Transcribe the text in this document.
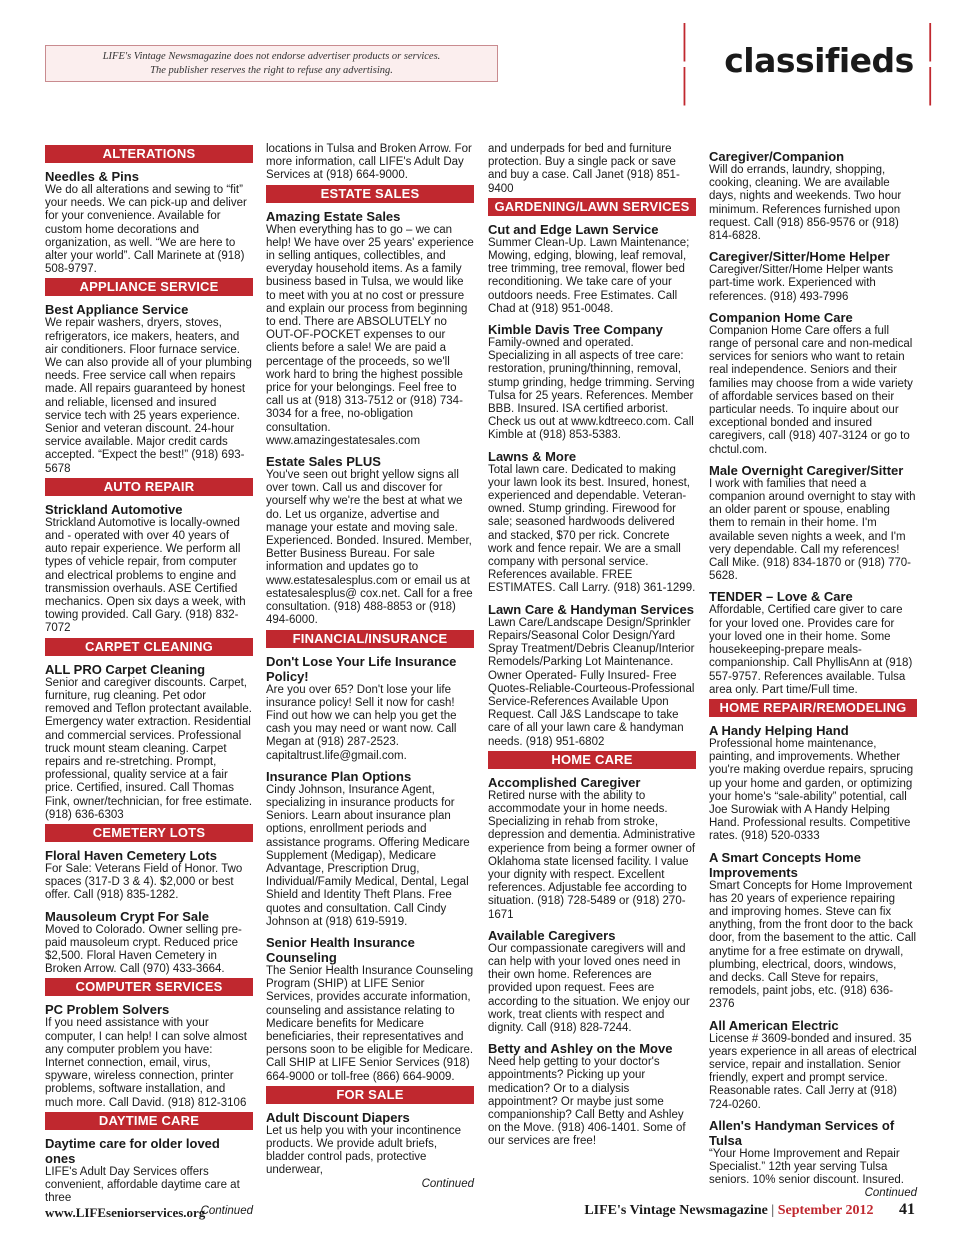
LIFE's Vintage Newsmagazine does not endorse advertiser products or services.
The publisher reserves the right to refuse any advertising.
| | classifieds | |
ALTERATIONS
Needles & Pins
We do all alterations and sewing to “fit” your needs. We can pick-up and deliver for your convenience. Available for custom home decorations and organization, as well. “We are here to alter your world”. Call Marinete at (918) 508-9797.
APPLIANCE SERVICE
Best Appliance Service
We repair washers, dryers, stoves, refrigerators, ice makers, heaters, and air conditioners. Floor furnace service. We can also provide all of your plumbing needs. Free service call when repairs made. All repairs guaranteed by honest and reliable, licensed and insured service tech with 25 years experience. Senior and veteran discount. 24-hour service available. Major credit cards accepted. “Expect the best!” (918) 693-5678
AUTO REPAIR
Strickland Automotive
Strickland Automotive is locally-owned and - operated with over 40 years of auto repair experience. We perform all types of vehicle repair, from computer and electrical problems to engine and transmission overhauls. ASE Certified mechanics. Open six days a week, with towing provided. Call Gary. (918) 832-7072
CARPET CLEANING
ALL PRO Carpet Cleaning
Senior and caregiver discounts. Carpet, furniture, rug cleaning. Pet odor removed and Teflon protectant available. Emergency water extraction. Residential and commercial services. Professional truck mount steam cleaning. Carpet repairs and re-stretching. Prompt, professional, quality service at a fair price. Certified, insured. Call Thomas Fink, owner/technician, for free estimate. (918) 636-6303
CEMETERY LOTS
Floral Haven Cemetery Lots
For Sale: Veterans Field of Honor. Two spaces (317-D 3 & 4). $2,000 or best offer. Call (918) 835-1282.
Mausoleum Crypt For Sale
Moved to Colorado. Owner selling pre-paid mausoleum crypt. Reduced price $2,500. Floral Haven Cemetery in Broken Arrow. Call (970) 433-3664.
COMPUTER SERVICES
PC Problem Solvers
If you need assistance with your computer, I can help! I can solve almost any computer problem you have: Internet connection, email, virus, spyware, wireless connection, printer problems, software installation, and much more. Call David. (918) 812-3106
DAYTIME CARE
Daytime care for older loved ones
LIFE's Adult Day Services offers convenient, affordable daytime care at three
Continued
locations in Tulsa and Broken Arrow. For more information, call LIFE's Adult Day Services at (918) 664-9000.
ESTATE SALES
Amazing Estate Sales
When everything has to go – we can help! We have over 25 years' experience in selling antiques, collectibles, and everyday household items. As a family business based in Tulsa, we would like to meet with you at no cost or pressure and explain our process from beginning to end. There are ABSOLUTELY no OUT-OF-POCKET expenses to our clients before a sale! We are paid a percentage of the proceeds, so we'll work hard to bring the highest possible price for your belongings. Feel free to call us at (918) 313-7512 or (918) 734-3034 for a free, no-obligation consultation. www.amazingestatesales.com
Estate Sales PLUS
You've seen out bright yellow signs all over town. Call us and discover for yourself why we're the best at what we do. Let us organize, advertise and manage your estate and moving sale. Experienced. Bonded. Insured. Member, Better Business Bureau. For sale information and updates go to www.estatesalesplus.com or email us at estatesalesplus@ cox.net. Call for a free consultation. (918) 488-8853 or (918) 494-6000.
FINANCIAL/INSURANCE
Don't Lose Your Life Insurance Policy!
Are you over 65? Don't lose your life insurance policy! Sell it now for cash! Find out how we can help you get the cash you may need or want now. Call Megan at (918) 287-2523. capitaltrust.life@gmail.com.
Insurance Plan Options
Cindy Johnson, Insurance Agent, specializing in insurance products for Seniors. Learn about insurance plan options, enrollment periods and assistance programs. Offering Medicare Supplement (Medigap), Medicare Advantage, Prescription Drug, Individual/Family Medical, Dental, Legal Shield and Identity Theft Plans. Free quotes and consultation. Call Cindy Johnson at (918) 619-5919.
Senior Health Insurance Counseling
The Senior Health Insurance Counseling Program (SHIP) at LIFE Senior Services, provides accurate information, counseling and assistance relating to Medicare benefits for Medicare beneficiaries, their representatives and persons soon to be eligible for Medicare. Call SHIP at LIFE Senior Services (918) 664-9000 or toll-free (866) 664-9009.
FOR SALE
Adult Discount Diapers
Let us help you with your incontinence products. We provide adult briefs, bladder control pads, protective underwear,
Continued
and underpads for bed and furniture protection. Buy a single pack or save and buy a case. Call Janet (918) 851-9400
GARDENING/LAWN SERVICES
Cut and Edge Lawn Service
Summer Clean-Up. Lawn Maintenance; Mowing, edging, blowing, leaf removal, tree trimming, tree removal, flower bed reconditioning. We take care of your outdoors needs. Free Estimates. Call Chad at (918) 951-0048.
Kimble Davis Tree Company
Family-owned and operated. Specializing in all aspects of tree care: restoration, pruning/thinning, removal, stump grinding, hedge trimming. Serving Tulsa for 25 years. References. Member BBB. Insured. ISA certified arborist. Check us out at www.kdtreeco.com. Call Kimble at (918) 853-5383.
Lawns & More
Total lawn care. Dedicated to making your lawn look its best. Insured, honest, experienced and dependable. Veteran-owned. Stump grinding. Firewood for sale; seasoned hardwoods delivered and stacked, $70 per rick. Concrete work and fence repair. We are a small company with personal service. References available. FREE ESTIMATES. Call Larry. (918) 361-1299.
Lawn Care & Handyman Services
Lawn Care/Landscape Design/Sprinkler Repairs/Seasonal Color Design/Yard Spray Treatment/Debris Cleanup/Interior Remodels/Parking Lot Maintenance. Owner Operated- Fully Insured- Free Quotes-Reliable-Courteous-Professional Service-References Available Upon Request. Call J&S Landscape to take care of all your lawn care & handyman needs. (918) 951-6802
HOME CARE
Accomplished Caregiver
Retired nurse with the ability to accommodate your in home needs. Specializing in rehab from stroke, depression and dementia. Administrative experience from being a former owner of Oklahoma state licensed facility. I value your dignity with respect. Excellent references. Adjustable fee according to situation. (918) 728-5489 or (918) 270-1671
Available Caregivers
Our compassionate caregivers will and can help with your loved ones need in their own home. References are provided upon request. Fees are according to the situation. We enjoy our work, treat clients with respect and dignity. Call (918) 828-7244.
Betty and Ashley on the Move
Need help getting to your doctor's appointments? Picking up your medication? Or to a dialysis appointment? Or maybe just some companionship? Call Betty and Ashley on the Move. (918) 406-1401. Some of our services are free!
Caregiver/Companion
Will do errands, laundry, shopping, cooking, cleaning. We are available days, nights and weekends. Two hour minimum. References furnished upon request. Call (918) 856-9576 or (918) 814-6828.
Caregiver/Sitter/Home Helper
Caregiver/Sitter/Home Helper wants part-time work. Experienced with references. (918) 493-7996
Companion Home Care
Companion Home Care offers a full range of personal care and non-medical services for seniors who want to retain real independence. Seniors and their families may choose from a wide variety of affordable services based on their particular needs. To inquire about our exceptional bonded and insured caregivers, call (918) 407-3124 or go to chctul.com.
Male Overnight Caregiver/Sitter
I work with families that need a companion around overnight to stay with an older parent or spouse, enabling them to remain in their home. I'm available seven nights a week, and I'm very dependable. Call my references! Call Mike. (918) 834-1870 or (918) 770-5628.
TENDER – Love & Care
Affordable, Certified care giver to care for your loved one. Provides care for your loved one in their home. Some housekeeping-prepare meals-companionship. Call PhyllisAnn at (918) 557-9757. References available. Tulsa area only. Part time/Full time.
HOME REPAIR/REMODELING
A Handy Helping Hand
Professional home maintenance, painting, and improvements. Whether you're making overdue repairs, sprucing up your home and garden, or optimizing your home's “sale-ability” potential, call Joe Surowiak with A Handy Helping Hand. Professional results. Competitive rates. (918) 520-0333
A Smart Concepts Home Improvements
Smart Concepts for Home Improvement has 20 years of experience repairing and improving homes. Steve can fix anything, from the front door to the back door, from the basement to the attic. Call anytime for a free estimate on drywall, plumbing, electrical, doors, windows, and decks. Call Steve for repairs, remodels, paint jobs, etc. (918) 636-2376
All American Electric
License # 3609-bonded and insured. 35 years experience in all areas of electrical service, repair and installation. Senior friendly, expert and prompt service. Reasonable rates. Call Jerry at (918) 724-0260.
Allen's Handyman Services of Tulsa
“Your Home Improvement and Repair Specialist.” 12th year serving Tulsa seniors. 10% senior discount. Insured.
Continued
www.LIFEseniorservices.org	LIFE's Vintage Newsmagazine | September 2012 41
